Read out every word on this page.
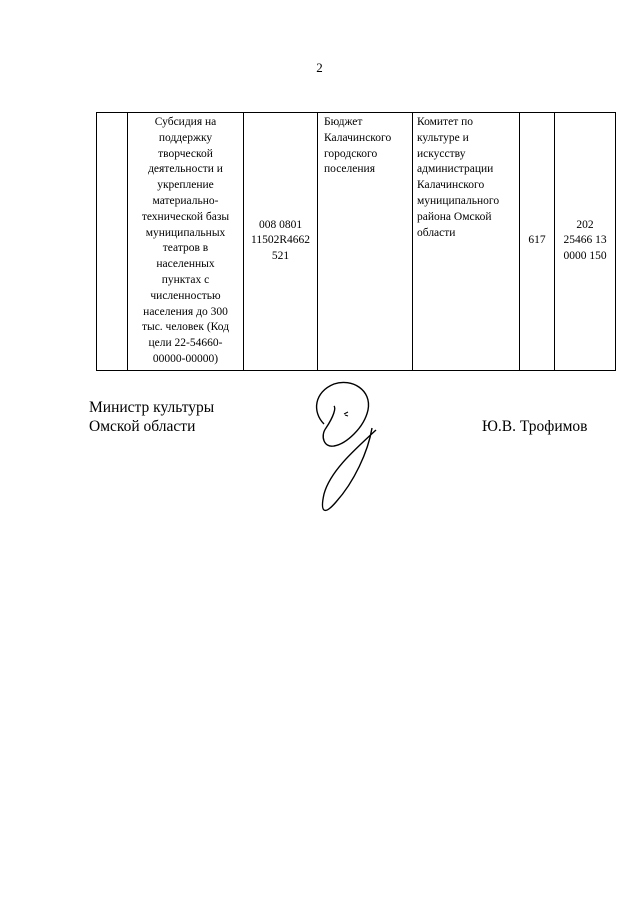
2
	Субсидия на
поддержку
творческой
деятельности и
укрепление
материально-
технической базы
муниципальных
театров в
населенных
пунктах с
численностью
населения до 300
тыс. человек (Код
цели 22-54660-
00000-00000)	008 0801
11502R4662
521	Бюджет
Калачинского
городского
поселения	Комитет по
культуре и
искусству
администрации
Калачинского
муниципального
района Омской
области	617	202
25466 13
0000 150
Министр культуры
Омской области	Ю.В. Трофимов
